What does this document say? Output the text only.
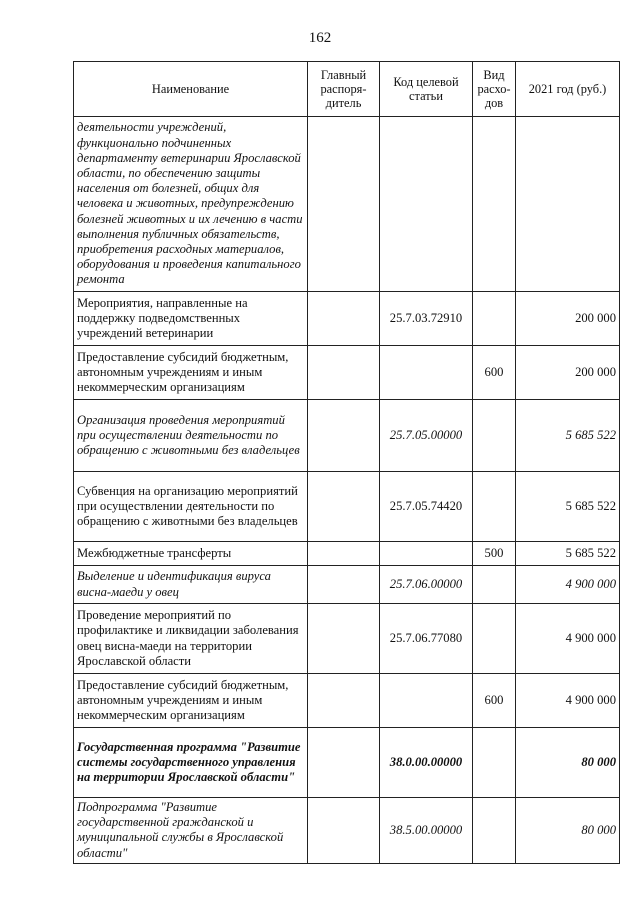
162
Наименование	Главный распоря-дитель	Код целевой статьи	Вид расхо-дов	2021 год (руб.)
деятельности учреждений, функционально подчиненных департаменту ветеринарии Ярославской области, по обеспечению защиты населения от болезней, общих для человека и животных, предупреждению болезней животных и их лечению в части выполнения публичных обязательств, приобретения расходных материалов, оборудования и проведения капитального ремонта				
Мероприятия, направленные на поддержку подведомственных учреждений ветеринарии		25.7.03.72910		200 000
Предоставление субсидий бюджетным, автономным учреждениям и иным некоммерческим организациям			600	200 000
Организация проведения мероприятий при осуществлении деятельности по обращению с животными без владельцев		25.7.05.00000		5 685 522
Субвенция на организацию мероприятий при осуществлении деятельности по обращению с животными без владельцев		25.7.05.74420		5 685 522
Межбюджетные трансферты			500	5 685 522
Выделение и идентификация вируса висна-маеди у овец		25.7.06.00000		4 900 000
Проведение мероприятий по профилактике и ликвидации заболевания овец висна-маеди на территории Ярославской области		25.7.06.77080		4 900 000
Предоставление субсидий бюджетным, автономным учреждениям и иным некоммерческим организациям			600	4 900 000
Государственная программа "Развитие системы государственного управления на территории Ярославской области"		38.0.00.00000		80 000
Подпрограмма "Развитие государственной гражданской и муниципальной службы в Ярославской области"		38.5.00.00000		80 000
